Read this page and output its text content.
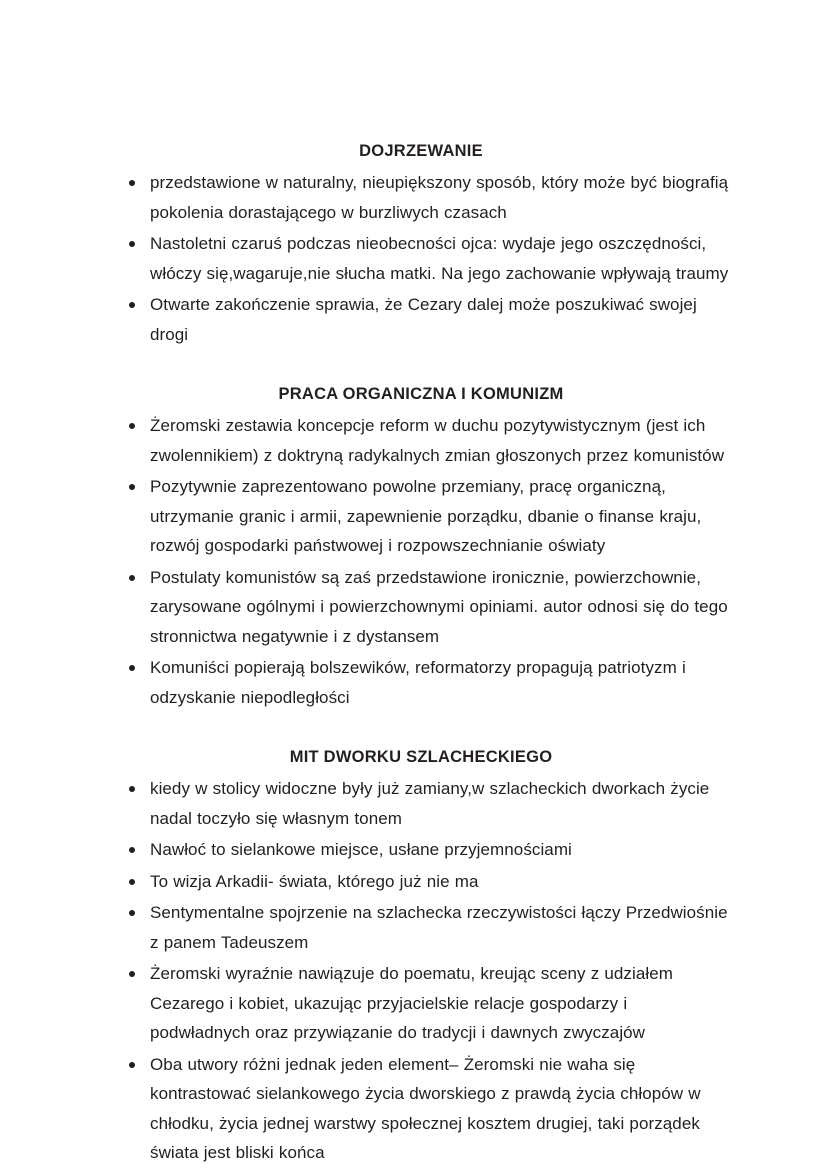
DOJRZEWANIE
przedstawione w naturalny, nieupiększony sposób, który może być biografią pokolenia dorastającego w burzliwych czasach
Nastoletni czaruś podczas nieobecności ojca: wydaje jego oszczędności, włóczy się,wagaruje,nie słucha matki. Na jego zachowanie wpływają traumy
Otwarte zakończenie sprawia, że Cezary dalej może poszukiwać swojej drogi
PRACA ORGANICZNA I KOMUNIZM
Żeromski zestawia koncepcje reform w duchu pozytywistycznym (jest ich zwolennikiem) z doktryną radykalnych zmian głoszonych przez komunistów
Pozytywnie zaprezentowano powolne przemiany, pracę organiczną, utrzymanie granic i armii, zapewnienie porządku, dbanie o finanse kraju, rozwój gospodarki państwowej i rozpowszechnianie oświaty
Postulaty komunistów są zaś przedstawione ironicznie, powierzchownie, zarysowane ogólnymi i powierzchownymi opiniami. autor odnosi się do tego stronnictwa negatywnie i z dystansem
Komuniści popierają bolszewików, reformatorzy propagują patriotyzm i odzyskanie niepodległości
MIT DWORKU SZLACHECKIEGO
kiedy w stolicy widoczne były już zamiany,w szlacheckich dworkach życie nadal toczyło się własnym tonem
Nawłoć to sielankowe miejsce, usłane przyjemnościami
To wizja Arkadii- świata, którego już nie ma
Sentymentalne spojrzenie na szlachecka rzeczywistości łączy Przedwiośnie z panem Tadeuszem
Żeromski wyraźnie nawiązuje do poematu, kreując sceny z udziałem Cezarego i kobiet, ukazując przyjacielskie relacje gospodarzy i podwładnych oraz przywiązanie do tradycji i dawnych zwyczajów
Oba utwory różni jednak jeden element– Żeromski nie waha się kontrastować sielankowego życia dworskiego z prawdą życia chłopów w chłodku, życia jednej warstwy społecznej kosztem drugiej, taki porządek świata jest bliski końca
